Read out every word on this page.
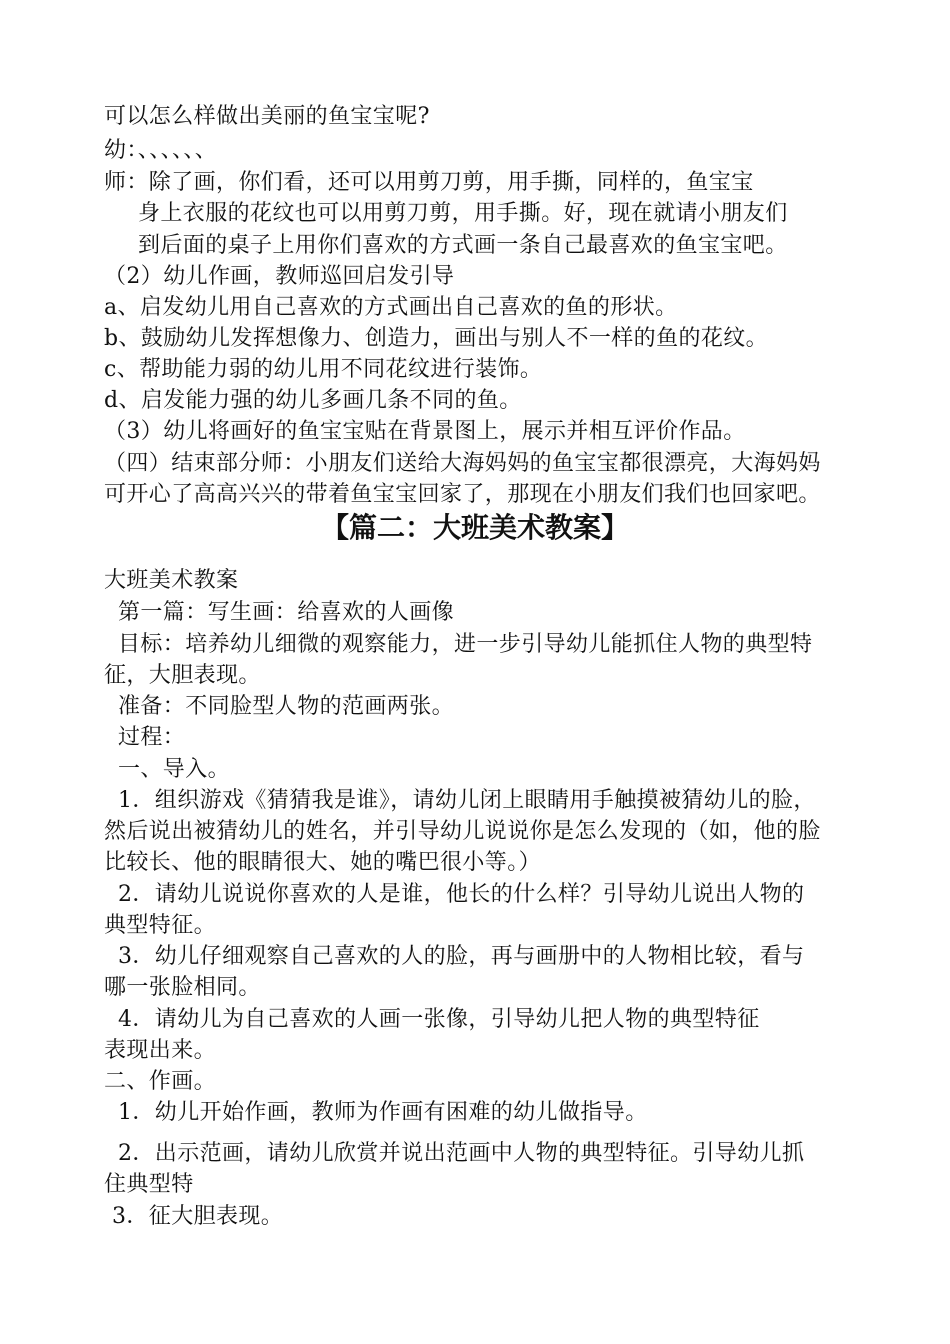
可以怎么样做出美丽的鱼宝宝呢?
幼：、、、、、、
师：除了画，你们看，还可以用剪刀剪，用手撕，同样的，鱼宝宝
身上衣服的花纹也可以用剪刀剪，用手撕。好，现在就请小朋友们
到后面的桌子上用你们喜欢的方式画一条自己最喜欢的鱼宝宝吧。
（2）幼儿作画，教师巡回启发引导
a、启发幼儿用自己喜欢的方式画出自己喜欢的鱼的形状。
b、鼓励幼儿发挥想像力、创造力，画出与别人不一样的鱼的花纹。
c、帮助能力弱的幼儿用不同花纹进行装饰。
d、启发能力强的幼儿多画几条不同的鱼。
（3）幼儿将画好的鱼宝宝贴在背景图上，展示并相互评价作品。
（四）结束部分师：小朋友们送给大海妈妈的鱼宝宝都很漂亮，大海妈妈
可开心了高高兴兴的带着鱼宝宝回家了，那现在小朋友们我们也回家吧。
【篇二：大班美术教案】
大班美术教案
第一篇：写生画：给喜欢的人画像
目标：培养幼儿细微的观察能力，进一步引导幼儿能抓住人物的典型特
征，大胆表现。
准备：不同脸型人物的范画两张。
过程：
一、导入。
1．组织游戏《猜猜我是谁》，请幼儿闭上眼睛用手触摸被猜幼儿的脸，
然后说出被猜幼儿的姓名，并引导幼儿说说你是怎么发现的（如，他的脸
比较长、他的眼睛很大、她的嘴巴很小等。）
2．请幼儿说说你喜欢的人是谁，他长的什么样？引导幼儿说出人物的
典型特征。
3．幼儿仔细观察自己喜欢的人的脸，再与画册中的人物相比较，看与
哪一张脸相同。
4．请幼儿为自己喜欢的人画一张像，引导幼儿把人物的典型特征
表现出来。
二、作画。
1．幼儿开始作画，教师为作画有困难的幼儿做指导。
2．出示范画，请幼儿欣赏并说出范画中人物的典型特征。引导幼儿抓
住典型特
3．征大胆表现。
